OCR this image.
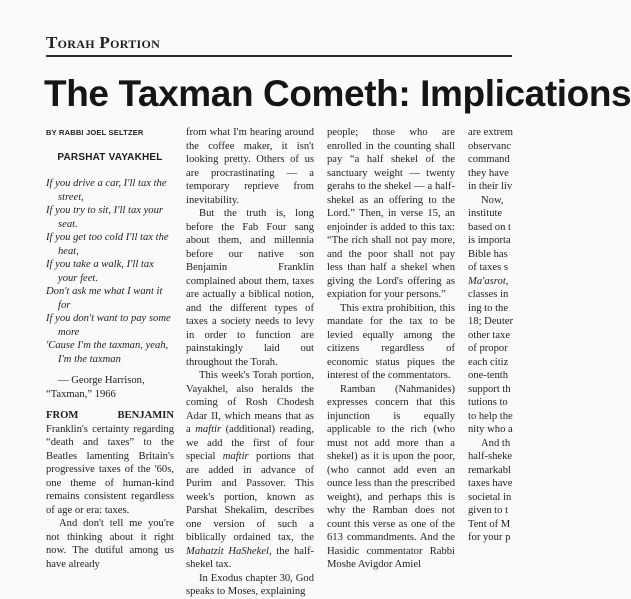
Torah Portion
The Taxman Cometh: Implications
BY RABBI JOEL SELTZER
PARSHAT VAYAKHEL
If you drive a car, I'll tax the street,
If you try to sit, I'll tax your seat.
If you get too cold I'll tax the heat,
If you take a walk, I'll tax your feet.
Don't ask me what I want it for
If you don't want to pay some more
'Cause I'm the taxman, yeah, I'm the taxman
— George Harrison,
“Taxman,” 1966

FROM BENJAMIN Franklin's certainty regarding “death and taxes” to the Beatles lamenting Britain's progressive taxes of the '60s, one theme of human-kind remains consistent regardless of age or era: taxes.

And don't tell me you're not thinking about it right now. The dutiful among us have already

from what I'm hearing around the coffee maker, it isn't looking pretty. Others of us are procrastinating — a temporary reprieve from inevitability.

But the truth is, long before the Fab Four sang about them, and millennia before our native son Benjamin Franklin complained about them, taxes are actually a biblical notion, and the different types of taxes a society needs to levy in order to function are painstakingly laid out throughout the Torah.

This week's Torah portion, Vayakhel, also heralds the coming of Rosh Chodesh Adar II, which means that as a maftir (additional) reading, we add the first of four special maftir portions that are added in advance of Purim and Passover. This week's portion, known as Parshat Shekalim, describes one version of such a biblically ordained tax, the Mahatzit HaShekel, the half-shekel tax.

In Exodus chapter 30, God speaks to Moses, explaining

people; those who are enrolled in the counting shall pay “a half shekel of the sanctuary weight — twenty gerahs to the shekel — a half-shekel as an offering to the Lord.” Then, in verse 15, an enjoinder is added to this tax: “The rich shall not pay more, and the poor shall not pay less than half a shekel when giving the Lord's offering as expiation for your persons.”

This extra prohibition, this mandate for the tax to be levied equally among the citizens regardless of economic status piques the interest of the commentators.

Ramban (Nahmanides) expresses concern that this injunction is equally applicable to the rich (who must not add more than a shekel) as it is upon the poor, (who cannot add even an ounce less than the prescribed weight), and perhaps this is why the Ramban does not count this verse as one of the 613 commandments. And the Hasidic commentator Rabbi Moshe Avigdor Amiel

are extrem
observanc
command
they have
in their liv
Now,
institute
based on t
is importa
Bible has
of taxes s
Ma'asrot,
classes in
ing to the
18; Deuter
other taxe
of propor
each citiz
one-tenth
support th
tutions to
to help the
nity who a
And th
half-sheke
remarkabl
taxes have
societal in
given to t
Tent of M
for your p
